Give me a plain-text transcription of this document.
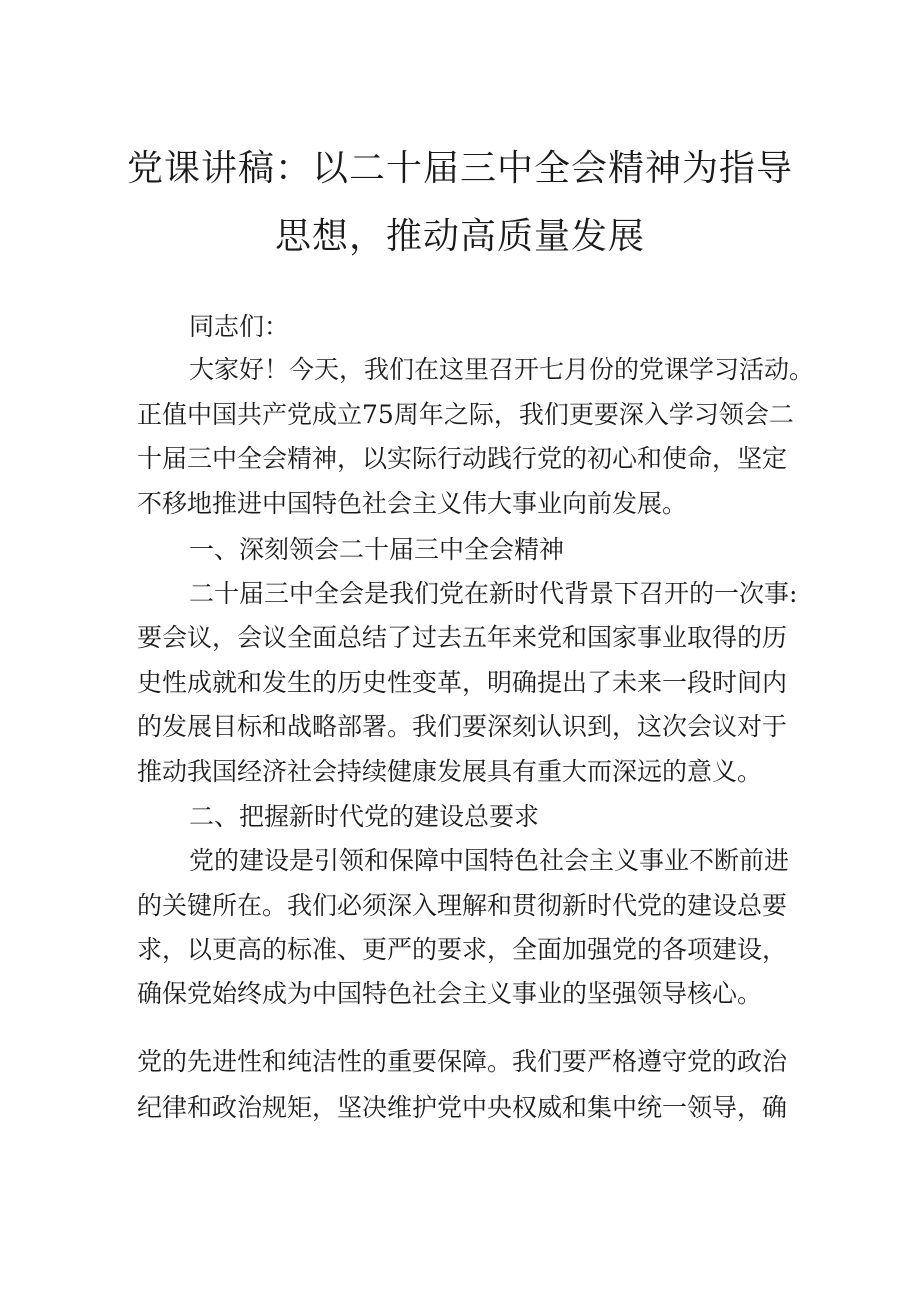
党课讲稿：以二十届三中全会精神为指导
思想，推动高质量发展
同志们：
大家好！今天，我们在这里召开七月份的党课学习活动。
正值中国共产党成立75周年之际，我们更要深入学习领会二
十届三中全会精神，以实际行动践行党的初心和使命，坚定
不移地推进中国特色社会主义伟大事业向前发展。
一、深刻领会二十届三中全会精神
二十届三中全会是我们党在新时代背景下召开的一次事:
要会议，会议全面总结了过去五年来党和国家事业取得的历
史性成就和发生的历史性变革，明确提出了未来一段时间内
的发展目标和战略部署。我们要深刻认识到，这次会议对于
推动我国经济社会持续健康发展具有重大而深远的意义。
二、把握新时代党的建设总要求
党的建设是引领和保障中国特色社会主义事业不断前进
的关键所在。我们必须深入理解和贯彻新时代党的建设总要
求，以更高的标准、更严的要求，全面加强党的各项建设，
确保党始终成为中国特色社会主义事业的坚强领导核心。
党的先进性和纯洁性的重要保障。我们要严格遵守党的政治
纪律和政治规矩，坚决维护党中央权威和集中统一领导，确
